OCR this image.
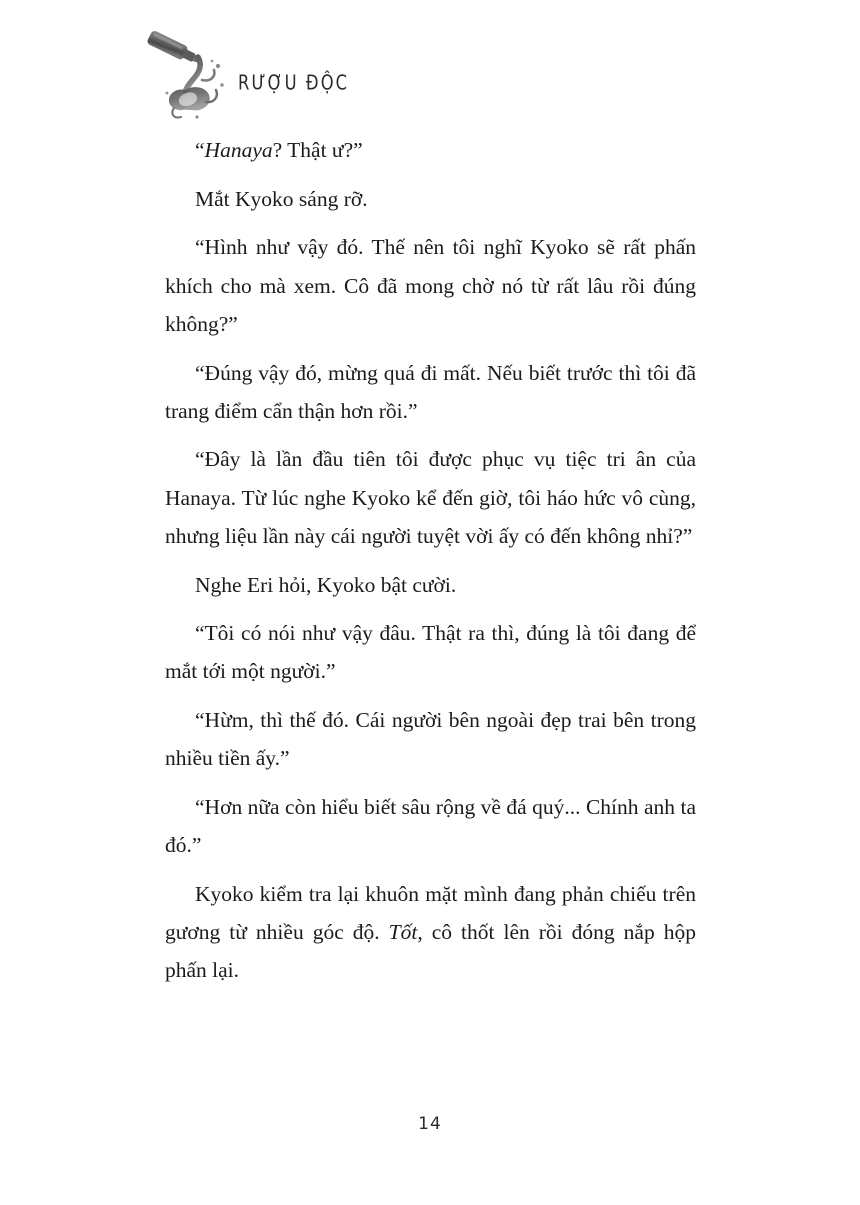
RƯỢU ĐỘC

“Hanaya? Thật ư?”

Mắt Kyoko sáng rỡ.

“Hình như vậy đó. Thế nên tôi nghĩ Kyoko sẽ rất phấn khích cho mà xem. Cô đã mong chờ nó từ rất lâu rồi đúng không?”

“Đúng vậy đó, mừng quá đi mất. Nếu biết trước thì tôi đã trang điểm cẩn thận hơn rồi.”

“Đây là lần đầu tiên tôi được phục vụ tiệc tri ân của Hanaya. Từ lúc nghe Kyoko kể đến giờ, tôi háo hức vô cùng, nhưng liệu lần này cái người tuyệt vời ấy có đến không nhỉ?”

Nghe Eri hỏi, Kyoko bật cười.

“Tôi có nói như vậy đâu. Thật ra thì, đúng là tôi đang để mắt tới một người.”

“Hừm, thì thế đó. Cái người bên ngoài đẹp trai bên trong nhiều tiền ấy.”

“Hơn nữa còn hiểu biết sâu rộng về đá quý... Chính anh ta đó.”

Kyoko kiểm tra lại khuôn mặt mình đang phản chiếu trên gương từ nhiều góc độ. Tốt, cô thốt lên rồi đóng nắp hộp phấn lại.

14
